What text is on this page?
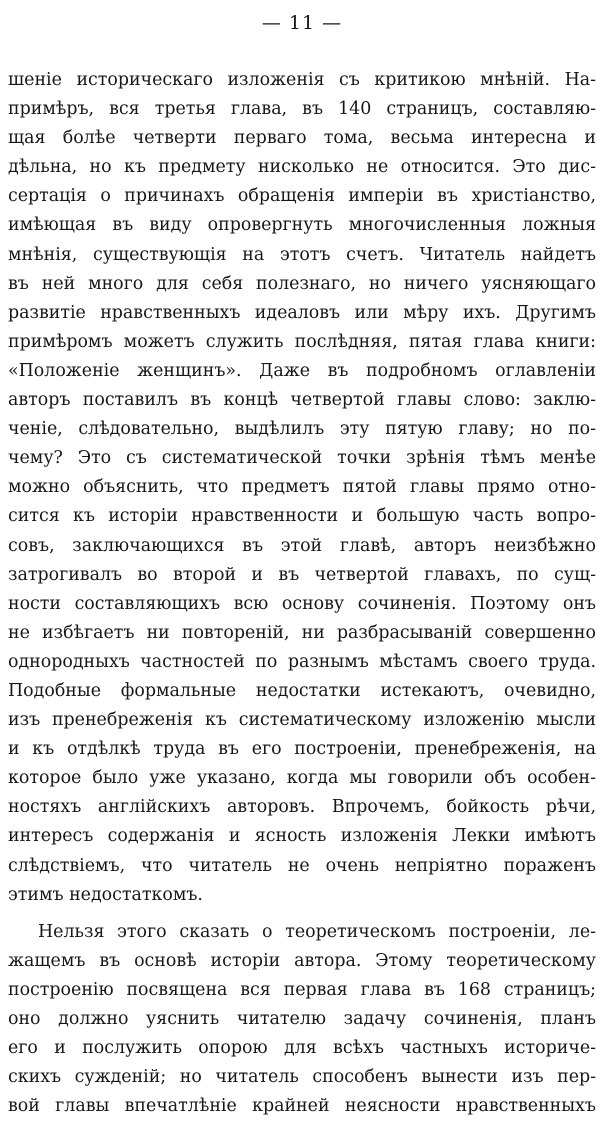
— 11 —
шеніе историческаго изложенія съ критикою мнѣній. На-
примѣръ, вся третья глава, въ 140 страницъ, составляю-
щая болѣе четверти перваго тома, весьма интересна и
дѣльна, но къ предмету нисколько не относится. Это дис-
сертація о причинахъ обращенія имперіи въ христіанство,
имѣющая въ виду опровергнуть многочисленныя ложныя
мнѣнія, существующія на этотъ счетъ. Читатель найдетъ
въ ней много для себя полезнаго, но ничего уясняющаго
развитіе нравственныхъ идеаловъ или мѣру ихъ. Другимъ
примѣромъ можетъ служить послѣдняя, пятая глава книги:
«Положеніе женщинъ». Даже въ подробномъ оглавленіи
авторъ поставилъ въ концѣ четвертой главы слово: заклю-
ченіе, слѣдовательно, выдѣлилъ эту пятую главу; но по-
чему? Это съ систематической точки зрѣнія тѣмъ менѣе
можно объяснить, что предметъ пятой главы прямо отно-
сится къ исторіи нравственности и большую часть вопро-
совъ, заключающихся въ этой главѣ, авторъ неизбѣжно
затрогивалъ во второй и въ четвертой главахъ, по сущ-
ности составляющихъ всю основу сочиненія. Поэтому онъ
не избѣгаетъ ни повтореній, ни разбрасываній совершенно
однородныхъ частностей по разнымъ мѣстамъ своего труда.
Подобные формальные недостатки истекаютъ, очевидно,
изъ пренебреженія къ систематическому изложенію мысли
и къ отдѣлкѣ труда въ его построеніи, пренебреженія, на
которое было уже указано, когда мы говорили объ особен-
ностяхъ англійскихъ авторовъ. Впрочемъ, бойкость рѣчи,
интересъ содержанія и ясность изложенія Лекки имѣютъ
слѣдствіемъ, что читатель не очень непріятно пораженъ
этимъ недостаткомъ.
Нельзя этого сказать о теоретическомъ построеніи, ле-
жащемъ въ основѣ исторіи автора. Этому теоретическому
построенію посвящена вся первая глава въ 168 страницъ;
оно должно уяснить читателю задачу сочиненія, планъ
его и послужить опорою для всѣхъ частныхъ историче-
скихъ сужденій; но читатель способенъ вынести изъ пер-
вой главы впечатлѣніе крайней неясности нравственныхъ
